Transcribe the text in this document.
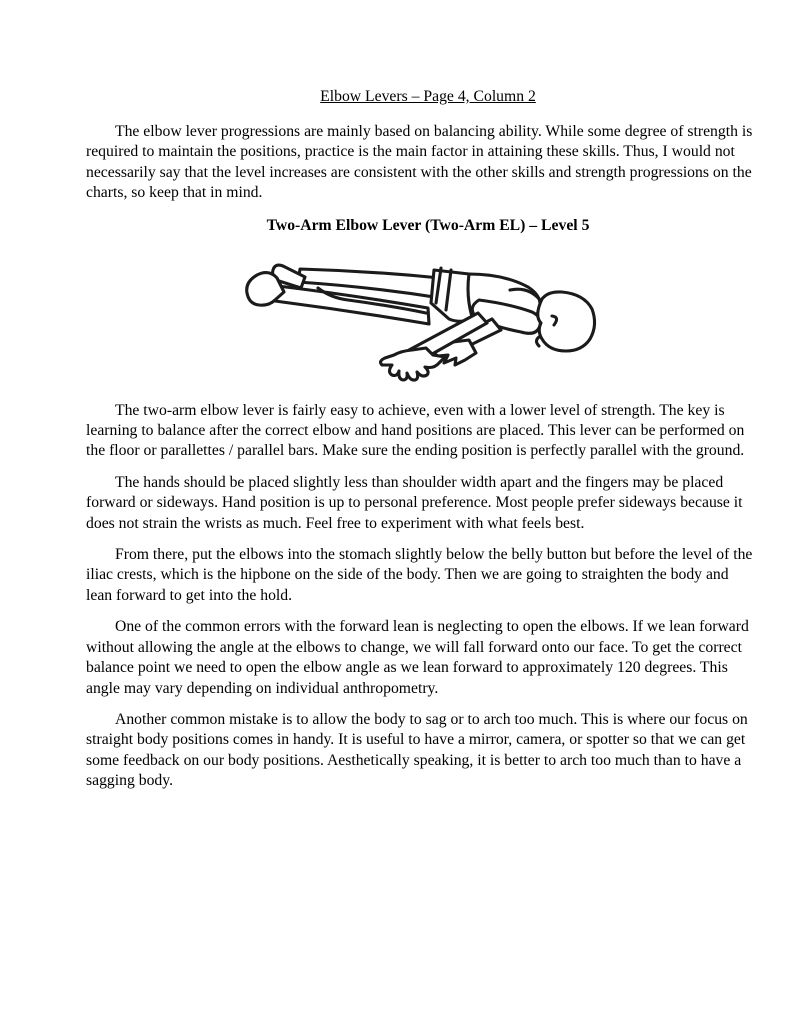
Elbow Levers – Page 4, Column 2
The elbow lever progressions are mainly based on balancing ability. While some degree of strength is
required to maintain the positions, practice is the main factor in attaining these skills. Thus, I would not
necessarily say that the level increases are consistent with the other skills and strength progressions on the
charts, so keep that in mind.
Two-Arm Elbow Lever (Two-Arm EL) – Level 5
The two-arm elbow lever is fairly easy to achieve, even with a lower level of strength. The key is
learning to balance after the correct elbow and hand positions are placed. This lever can be performed on
the floor or parallettes / parallel bars. Make sure the ending position is perfectly parallel with the ground.
The hands should be placed slightly less than shoulder width apart and the fingers may be placed
forward or sideways. Hand position is up to personal preference. Most people prefer sideways because it
does not strain the wrists as much. Feel free to experiment with what feels best.
From there, put the elbows into the stomach slightly below the belly button but before the level of the
iliac crests, which is the hipbone on the side of the body. Then we are going to straighten the body and
lean forward to get into the hold.
One of the common errors with the forward lean is neglecting to open the elbows. If we lean forward
without allowing the angle at the elbows to change, we will fall forward onto our face. To get the correct
balance point we need to open the elbow angle as we lean forward to approximately 120 degrees. This
angle may vary depending on individual anthropometry.
Another common mistake is to allow the body to sag or to arch too much. This is where our focus on
straight body positions comes in handy. It is useful to have a mirror, camera, or spotter so that we can get
some feedback on our body positions. Aesthetically speaking, it is better to arch too much than to have a
sagging body.
